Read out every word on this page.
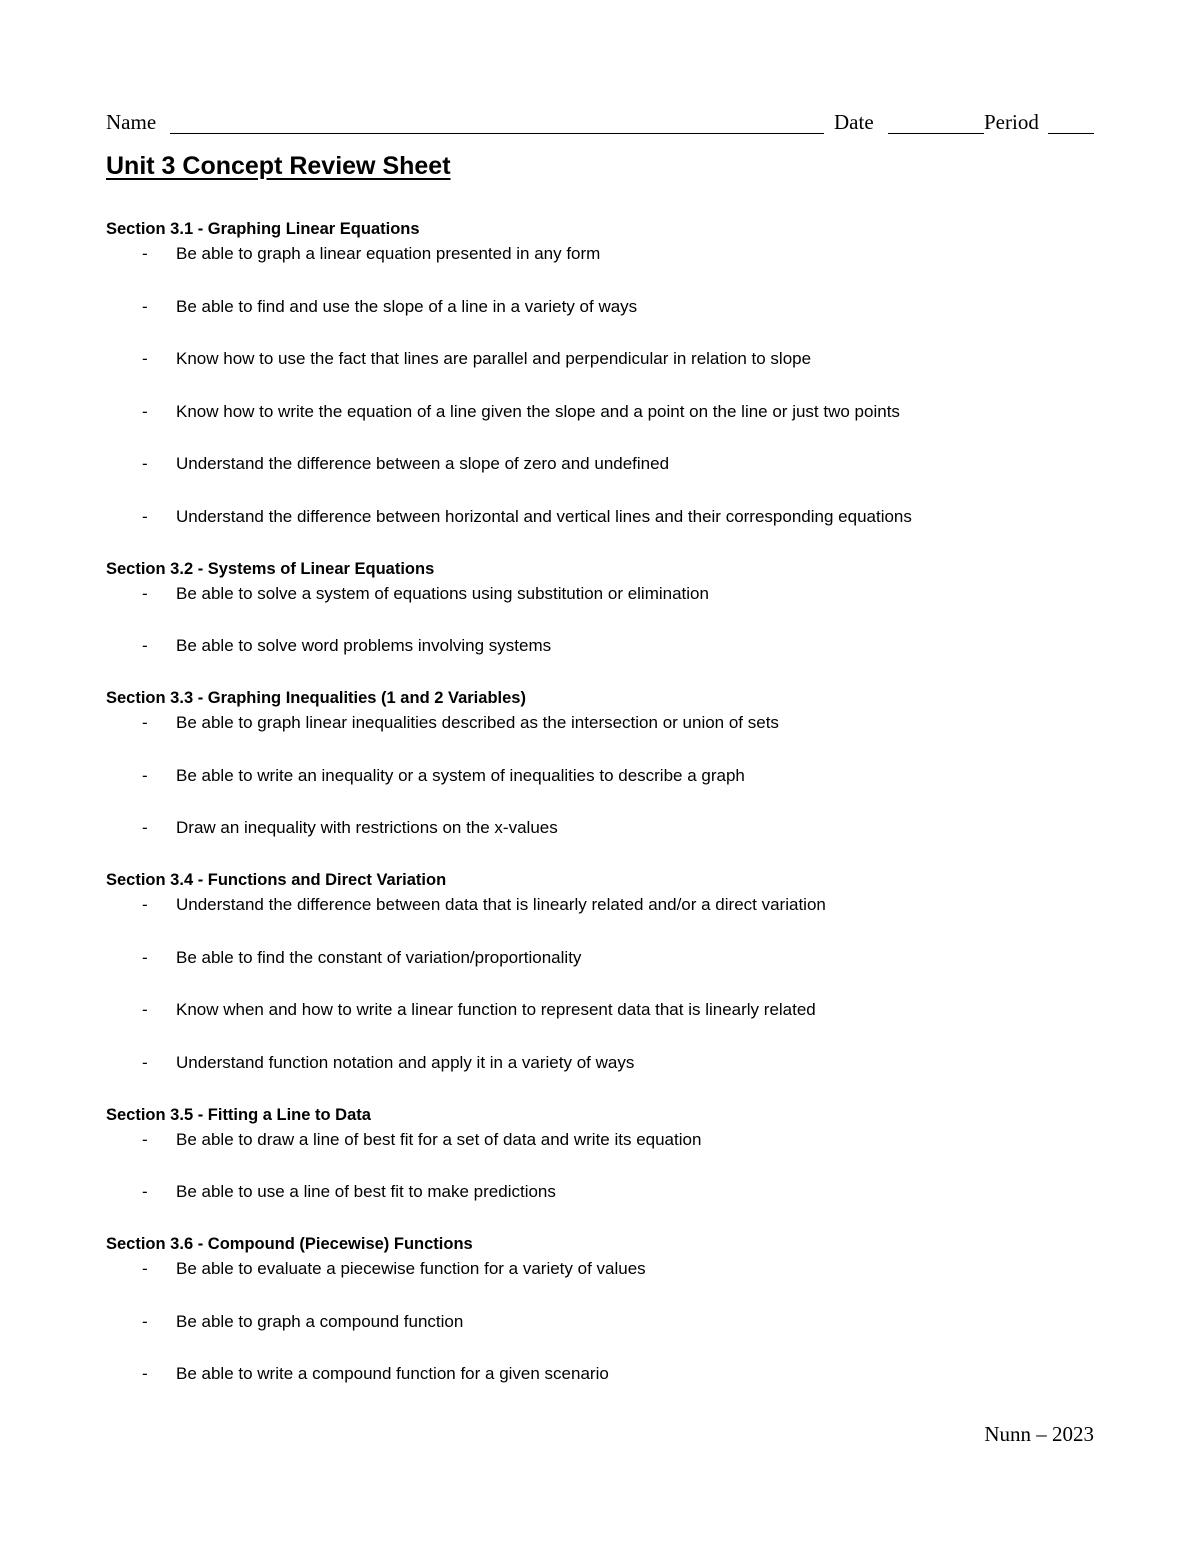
Name	Date	Period
Unit 3 Concept Review Sheet
Section 3.1 - Graphing Linear Equations
- Be able to graph a linear equation presented in any form
- Be able to find and use the slope of a line in a variety of ways
- Know how to use the fact that lines are parallel and perpendicular in relation to slope
- Know how to write the equation of a line given the slope and a point on the line or just two points
- Understand the difference between a slope of zero and undefined
- Understand the difference between horizontal and vertical lines and their corresponding equations
Section 3.2 - Systems of Linear Equations
- Be able to solve a system of equations using substitution or elimination
- Be able to solve word problems involving systems
Section 3.3 - Graphing Inequalities (1 and 2 Variables)
- Be able to graph linear inequalities described as the intersection or union of sets
- Be able to write an inequality or a system of inequalities to describe a graph
- Draw an inequality with restrictions on the x-values
Section 3.4 - Functions and Direct Variation
- Understand the difference between data that is linearly related and/or a direct variation
- Be able to find the constant of variation/proportionality
- Know when and how to write a linear function to represent data that is linearly related
- Understand function notation and apply it in a variety of ways
Section 3.5 - Fitting a Line to Data
- Be able to draw a line of best fit for a set of data and write its equation
- Be able to use a line of best fit to make predictions
Section 3.6 - Compound (Piecewise) Functions
- Be able to evaluate a piecewise function for a variety of values
- Be able to graph a compound function
- Be able to write a compound function for a given scenario
Nunn – 2023
